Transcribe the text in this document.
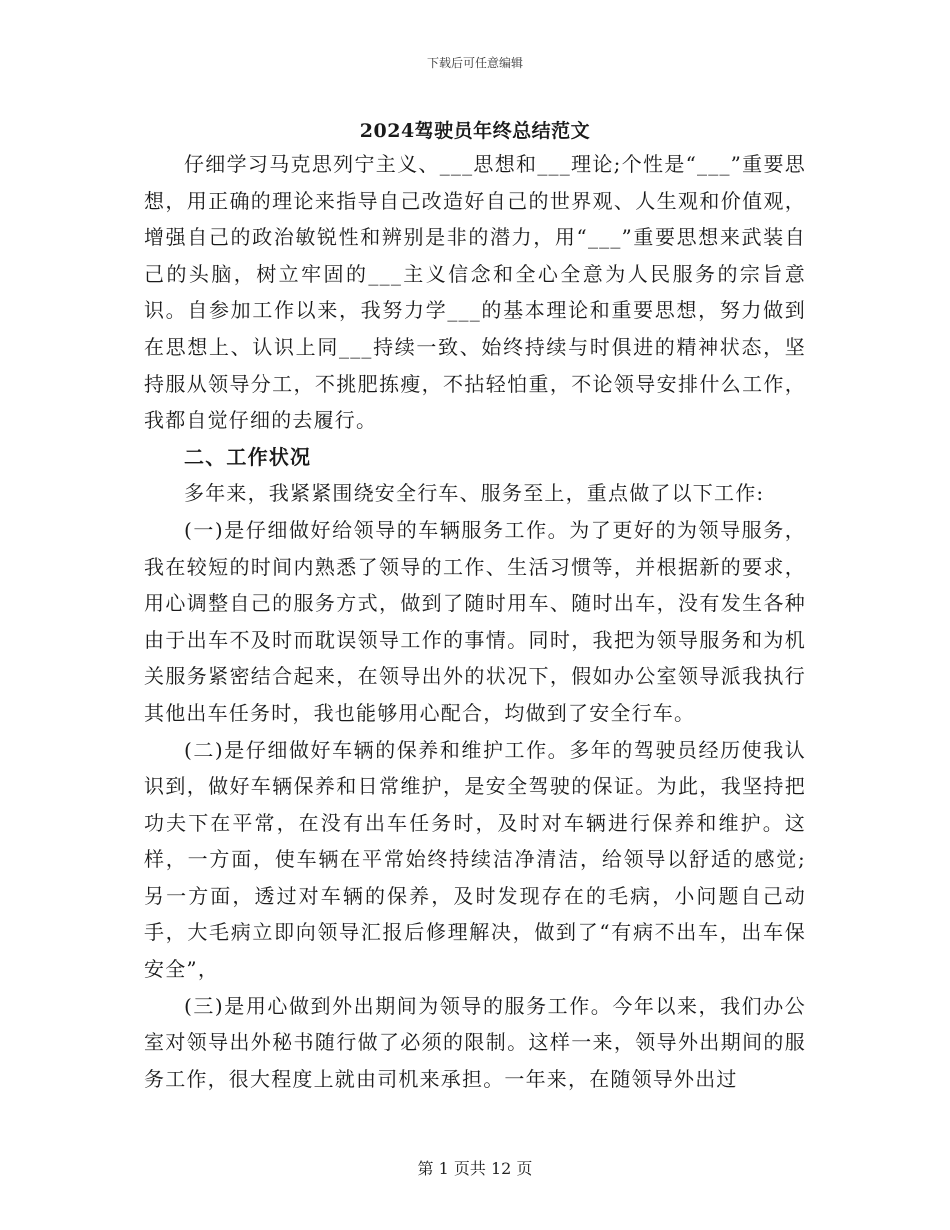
下载后可任意编辑
2024驾驶员年终总结范文

仔细学习马克思列宁主义、___思想和___理论;个性是“___”重要思想，用正确的理论来指导自己改造好自己的世界观、人生观和价值观，增强自己的政治敏锐性和辨别是非的潜力，用“___”重要思想来武装自己的头脑，树立牢固的___主义信念和全心全意为人民服务的宗旨意识。自参加工作以来，我努力学___的基本理论和重要思想，努力做到在思想上、认识上同___持续一致、始终持续与时俱进的精神状态，坚持服从领导分工，不挑肥拣瘦，不拈轻怕重，不论领导安排什么工作，我都自觉仔细的去履行。

二、工作状况

多年来，我紧紧围绕安全行车、服务至上，重点做了以下工作:

(一)是仔细做好给领导的车辆服务工作。为了更好的为领导服务，我在较短的时间内熟悉了领导的工作、生活习惯等，并根据新的要求，用心调整自己的服务方式，做到了随时用车、随时出车，没有发生各种由于出车不及时而耽误领导工作的事情。同时，我把为领导服务和为机关服务紧密结合起来，在领导出外的状况下，假如办公室领导派我执行其他出车任务时，我也能够用心配合，均做到了安全行车。

(二)是仔细做好车辆的保养和维护工作。多年的驾驶员经历使我认识到，做好车辆保养和日常维护，是安全驾驶的保证。为此，我坚持把功夫下在平常，在没有出车任务时，及时对车辆进行保养和维护。这样，一方面，使车辆在平常始终持续洁净清洁，给领导以舒适的感觉;另一方面，透过对车辆的保养，及时发现存在的毛病，小问题自己动手，大毛病立即向领导汇报后修理解决，做到了“有病不出车，出车保安全”，

(三)是用心做到外出期间为领导的服务工作。今年以来，我们办公室对领导出外秘书随行做了必须的限制。这样一来，领导外出期间的服务工作，很大程度上就由司机来承担。一年来，在随领导外出过

第 1 页共 12 页
